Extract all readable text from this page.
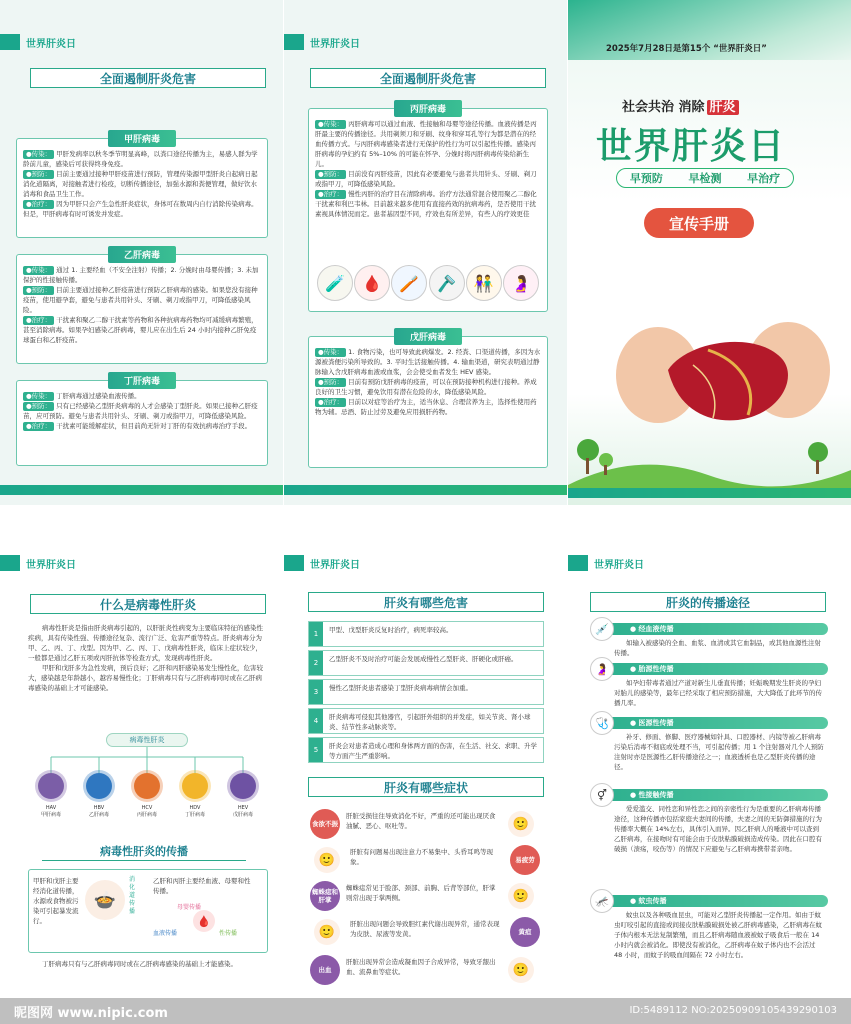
世界肝炎日
全面遏制肝炎危害
甲肝病毒

●传染： 甲肝发病率以秋冬季节明显高峰，以粪口途径传播为主，易感人群为学龄前儿童，感染后可获得终身免疫。

●预防： 目前主要通过接种甲肝疫苗进行预防，管理传染源甲型肝炎自起病日起消化道隔离，对接触者进行检疫，切断传播途径，加强水源和粪便管理，做好饮水消毒和食品卫生工作。

●治疗： 因为甲肝只会产生急性肝炎症状，身体可在数周内自行消除传染病毒。但是，甲肝病毒有时可诱发并发症。

乙肝病毒

●传染： 通过 1. 主要经血（不安全注射）传播；2. 分娩时由母婴传播；3. 未加保护的性接触传播。

●预防： 目前主要通过接种乙肝疫苗进行预防乙肝病毒的感染。如果您没有接种疫苗，使用避孕套，避免与患者共用针头、牙刷、剃刀或指甲刀，可降低感染风险。

●治疗： 干扰素和聚乙二醇干扰素等药物和各种抗病毒药物均可减缓病毒繁殖，甚至消除病毒。如果孕妇感染乙肝病毒，婴儿应在出生后 24 小时内接种乙肝免疫球蛋白和乙肝疫苗。

丁肝病毒

●传染： 丁肝病毒通过感染血液传播。

●预防： 只有已经感染乙型肝炎病毒的人才会感染丁型肝炎。如果已接种乙肝疫苗，应可预防。避免与患者共用针头、牙刷、剃刀或指甲刀，可降低感染风险。

●治疗： 干扰素可能缓解症状，但目前尚无针对丁肝的有效抗病毒治疗手段。

世界肝炎日
全面遏制肝炎危害
丙肝病毒

●传染： 丙肝病毒可以通过血液、性接触和母婴等途径传播。血液传播是丙肝最主要的传播途径。共用剃须刀和牙刷、纹身和穿耳孔等行为都是潜在的经血传播方式。与丙肝病毒感染者进行无保护的性行为可以引起性传播。感染丙肝病毒的孕妇约有 5%–10% 的可能在怀孕、分娩时将丙肝病毒传染给新生儿。

●预防： 目前没有丙肝疫苗，因此有必要避免与患者共用针头、牙刷、剃刀或指甲刀，可降低感染风险。

●治疗： 慢性丙肝的治疗目在清除病毒。治疗方法通常混合使用聚乙二醇化干扰素和利巴韦林。目前越来越多使用有直接药效的抗病毒药，是否使用干扰素视具体情况而定。患者基因型不同，疗效也有所差异，有些人的疗效更佳

🧪	🩸	🪥	🪒	👫	🤰
戊肝病毒

●传染： 1. 食物污染，也可导致此病爆发。2. 经粪、口渠道传播，多因为水源被粪便污染所导致的。3. 平时生活接触传播。4. 输血渠道，研究表明通过静脉输入含戊肝病毒血液或血浆，会会使受血者发生 HEV 感染。

●预防： 目前有预防戊肝病毒的疫苗，可以在预防接种机构进行接种。养成良好的卫生习惯，避免饮用有潜在危险的水，降低感染风险。

●治疗： 目前以对症等治疗为主，适当休息、合理营养为主，选择性使用药物为辅。忌酒、防止过劳及避免应用损肝药物。

2025年7月28日是第15个 “世界肝炎日”
社会共治 消除 肝炎
世界肝炎日
早预防 早检测 早治疗
宣传手册
世界肝炎日
什么是病毒性肝炎

病毒性肝炎是指由肝炎病毒引起的，以肝脏炎性病变为主要临床特征的感染性疾病，具有传染性强、传播途径复杂、流行广泛、危害严重等特点。肝炎病毒分为甲、乙、丙、丁、戊型。因为甲、乙、丙、丁、戊病毒性肝炎，临床上症状较少，一般都是通过乙肝五项或丙肝抗体等检查方式，发现病毒性肝炎。

甲肝和戊肝多为急性发病，预后良好；乙肝和丙肝感染易发生慢性化，危害较大，感染越是年龄越小，越容易慢性化；丁肝病毒只有与乙肝病毒同时或在乙肝病毒感染的基础上才可能感染。

病毒性肝炎
HAV
甲肝病毒
HBV
乙肝病毒
HCV
丙肝病毒
HDV
丁肝病毒
HEV
戊肝病毒
病毒性肝炎的传播
甲肝和戊肝主要经消化道传播，水源或食物被污染可引起暴发流行。
🍲
消化道传播
乙肝和丙肝主要经血液、母婴和性传播。
母婴传播
血液传播	性传播
🩸
丁肝病毒只有与乙肝病毒同时或在乙肝病毒感染的基础上才能感染。
世界肝炎日
肝炎有哪些危害
肝炎有哪些症状
食欲不振
肝脏受损往往导致消化不好，严重的还可能出现厌食油腻、恶心、呕吐等。	🙂
易疲劳
肝脏有问题易出现注意力不易集中、头昏耳鸣等现象。
🙂
蜘蛛痣和肝掌
蜘蛛痣常见于脸部、颈部、前胸、后背等部位，肝掌则常出现于掌两侧。	🙂
黄疸
肝脏出现问题会导致胆红素代谢出现异常，通常表现为皮肤、尿液等发黄。
🙂
出血
肝脏出现异常会造成凝血因子合成异常，导致牙龈出血、流鼻血等症状。	🙂
1	甲型、戊型肝炎反复时治疗，病死率较高。
2	乙型肝炎不及时治疗可能会发展成慢性乙型肝炎、肝硬化或肝癌。
3	慢性乙型肝炎患者感染丁型肝炎病毒病情会加重。
4	肝炎病毒可侵犯其他器官，引起肝外组织的并发症，如关节炎、肾小球炎、结节性多动脉炎等。
5	肝炎会对患者造成心理和身体两方面的伤害，在生活、社交、求职、升学等方面产生严重影响。
世界肝炎日
肝炎的传播途径
💉	● 经血液传播
如输入被感染的全血、血浆、血清或其它血制品，或其他血源性注射传播。
🤰	● 胎源性传播
如孕妇带毒者通过产道对新生儿垂直传播；妊娠晚期发生肝炎的孕妇对胎儿的感染等，最年已经采取了相应预防措施，大大降低了此环节的传播几率。
🩺	● 医源性传播
补牙、修面、修脚、医疗器械如针具、口腔器材、内镜等被乙肝病毒污染后消毒不彻底或处理不当，可引起传播；用 1 个注射器对几个人预防注射时亦是医源性乙肝传播途径之一；血液透析也是乙型肝炎传播的途径。
⚥	● 性接触传播
爱爱滥交、同性恋和异性恋之间的亲密性行为是重要的乙肝病毒传播途径，这种传播亦包括家庭夫妻间的传播，夫妻之间的无防御措施的行为传播率大概在 14%左右，具体引入而异。因乙肝病人的唾液中可以查到乙肝病毒，在接吻时有可能会由于皮肤粘膜破损造成传染。因此在口腔有破损（溃疡，咬伤等）的情况下应避免与乙肝病毒携带者亲吻。
🦟	● 蚊虫传播
蚊虫以及各种吸血昆虫，可能对乙型肝炎传播起一定作用。如由于蚊虫叮咬引起的直接或间接皮肤粘膜破损处被乙肝病毒感染，乙肝病毒在蚊子体内根本无法复制繁殖，而且乙肝病毒随血液被蚊子吸食后一般在 14 小时内就会被消化。即使没有被消化，乙肝病毒在蚊子体内也不会活过 48 小时，而蚊子的吸血间隔在 72 小时左右。
昵图网 www.nipic.com	ID:5489112 NO:20250909105439290103
